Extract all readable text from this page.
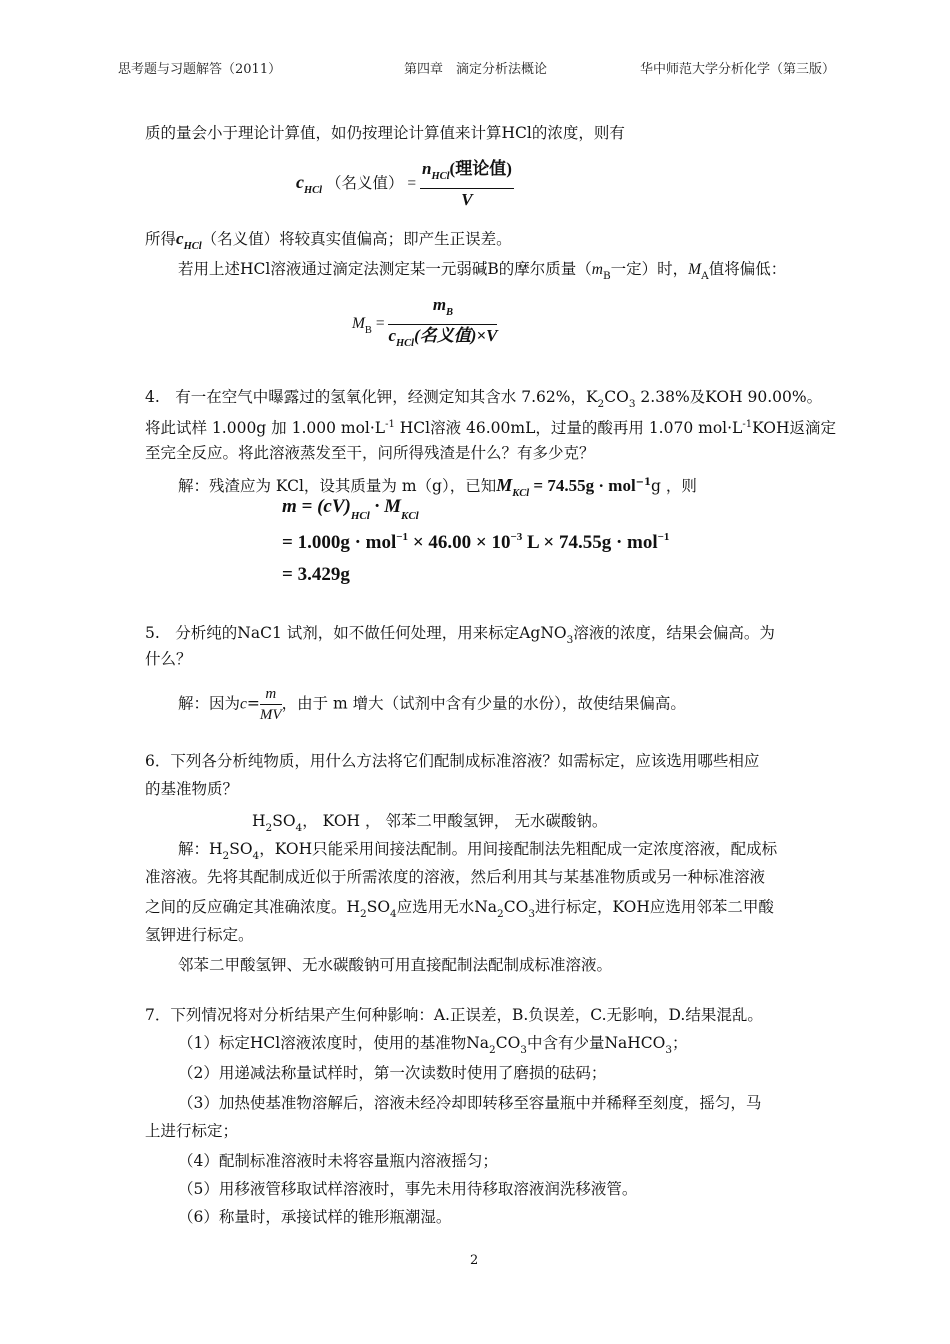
思考题与习题解答（2011）	第四章　滴定分析法概论	华中师范大学分析化学（第三版）
质的量会小于理论计算值，如仍按理论计算值来计算HCl的浓度，则有
$c_{HCl}$ （名义值） = $\frac{n_{HCl}(理论值)}{V}$
所得$c_{HCl}$（名义值）将较真实值偏高；即产生正误差。
若用上述HCl溶液通过滴定法测定某一元弱碱B的摩尔质量（$m_B$一定）时，$M_A$值将偏低：
$M_B = \frac{m_B}{c_{HCl}(名义值)\times V}$
4.　有一在空气中曝露过的氢氧化钾，经测定知其含水 7.62%，$K_2CO_3$ 2.38%及KOH 90.00%。
将此试样 1.000g 加 1.000 $mol\cdot L^{-1}$ HCl溶液 46.00mL，过量的酸再用 1.070 $mol\cdot L^{-1}KOH$返滴定
至完全反应。将此溶液蒸发至干，问所得残渣是什么？有多少克？
解：残渣应为 KCl，设其质量为 m（g），已知$M_{KCl} = 74.55g \cdot mol^{-1}g$ ，则
$m = (cV)_{HCl} \cdot M_{KCl}$
= $1.000g \cdot mol^{-1} \times 46.00 \times 10^{-3}$ L × 74.55g · mol$^{-1}$
= 3.429g
5.　分析纯的NaC1 试剂，如不做任何处理，用来标定AgNO$_3$溶液的浓度，结果会偏高。为
什么？
解：因为$c= \frac{m}{MV}$ ，由于 m 增大（试剂中含有少量的水份），故使结果偏高。
6．下列各分析纯物质，用什么方法将它们配制成标准溶液？如需标定，应该选用哪些相应
的基准物质？
$H_2SO_4$， KOH ， 邻苯二甲酸氢钾， 无水碳酸钠。
解：$H_2SO_4$，KOH只能采用间接法配制。用间接配制法先粗配成一定浓度溶液，配成标
准溶液。先将其配制成近似于所需浓度的溶液，然后利用其与某基准物质或另一种标准溶液
之间的反应确定其准确浓度。$H_2SO_4$应选用无水$Na_2CO_3$进行标定，KOH应选用邻苯二甲酸
氢钾进行标定。
邻苯二甲酸氢钾、无水碳酸钠可用直接配制法配制成标准溶液。
7．下列情况将对分析结果产生何种影响：A.正误差，B.负误差，C.无影响，D.结果混乱。
（1）标定HCl溶液浓度时，使用的基准物$Na_2CO_3$中含有少量NaHCO$_3$；
（2）用递减法称量试样时，第一次读数时使用了磨损的砝码；
（3）加热使基准物溶解后，溶液未经冷却即转移至容量瓶中并稀释至刻度，摇匀，马
上进行标定；
（4）配制标准溶液时未将容量瓶内溶液摇匀；
（5）用移液管移取试样溶液时，事先未用待移取溶液润洗移液管。
（6）称量时，承接试样的锥形瓶潮湿。
2
